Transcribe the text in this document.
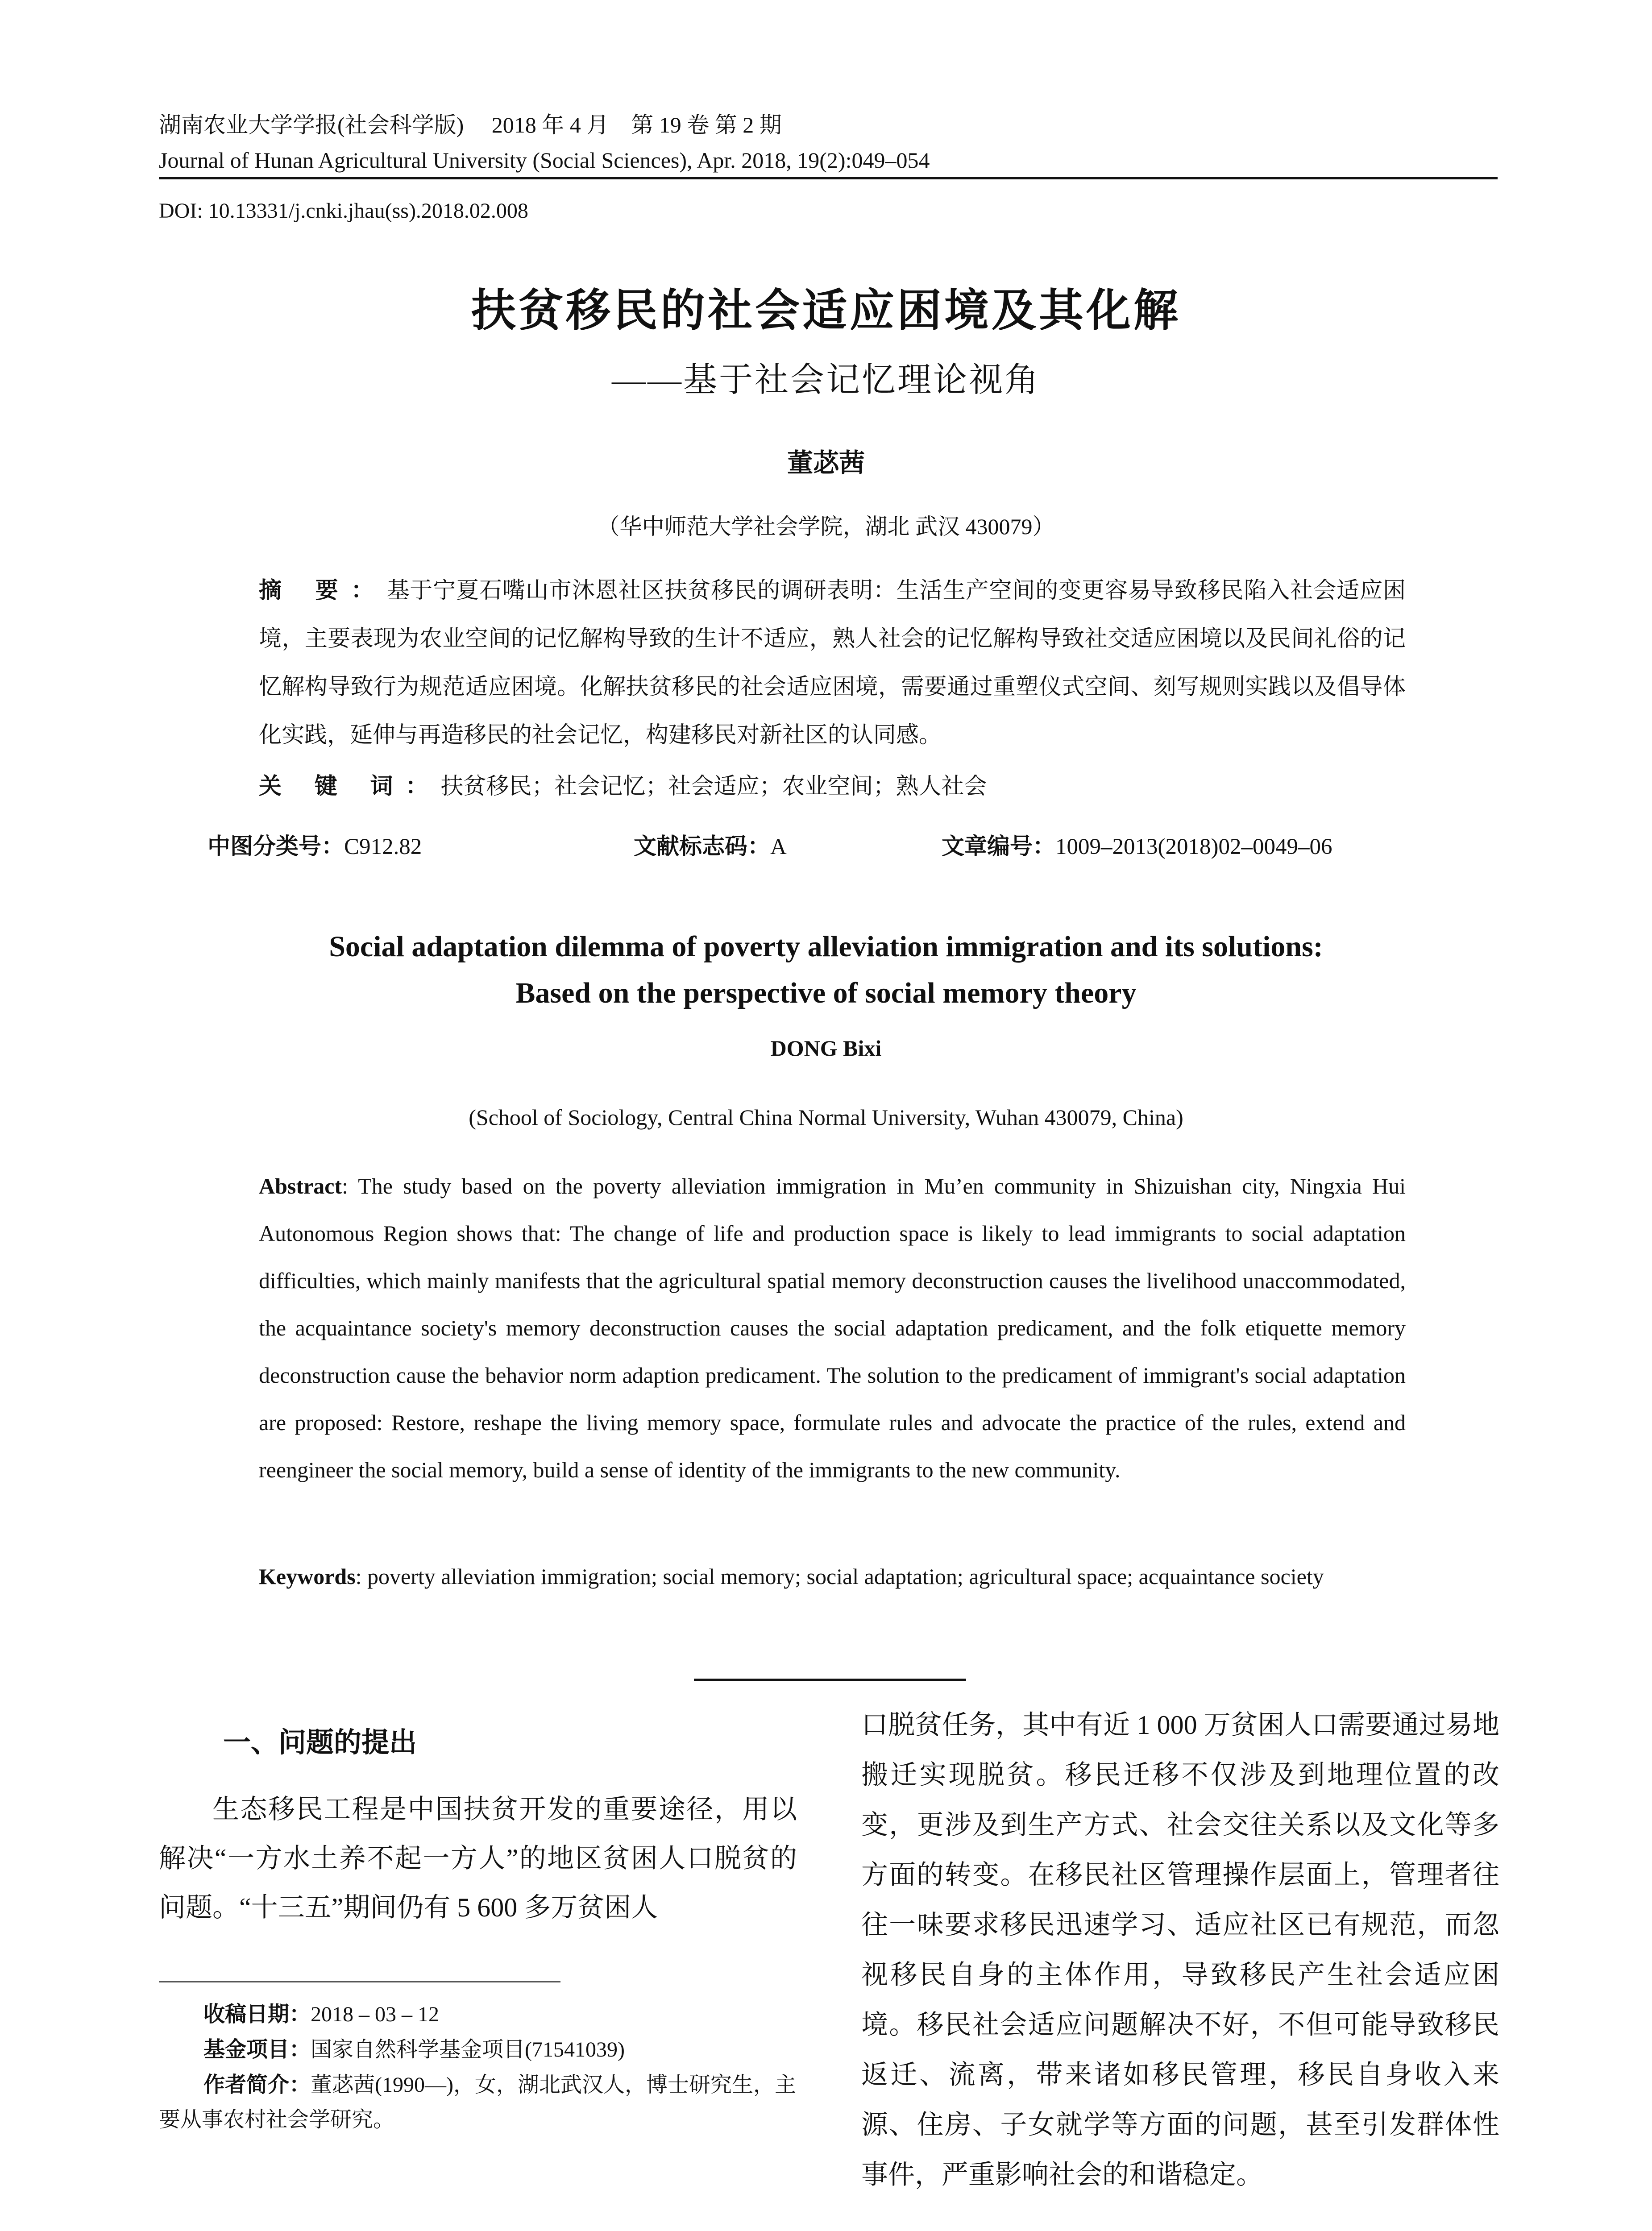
湖南农业大学学报(社会科学版)　 2018 年 4 月　第 19 卷 第 2 期
Journal of Hunan Agricultural University (Social Sciences), Apr. 2018, 19(2):049–054
DOI: 10.13331/j.cnki.jhau(ss).2018.02.008
扶贫移民的社会适应困境及其化解
——基于社会记忆理论视角
董苾茜
（华中师范大学社会学院，湖北 武汉 430079）
摘 要：基于宁夏石嘴山市沐恩社区扶贫移民的调研表明：生活生产空间的变更容易导致移民陷入社会适应困境，主要表现为农业空间的记忆解构导致的生计不适应，熟人社会的记忆解构导致社交适应困境以及民间礼俗的记忆解构导致行为规范适应困境。化解扶贫移民的社会适应困境，需要通过重塑仪式空间、刻写规则实践以及倡导体化实践，延伸与再造移民的社会记忆，构建移民对新社区的认同感。
关 键 词：扶贫移民；社会记忆；社会适应；农业空间；熟人社会
中图分类号：C912.82	文献标志码：A	文章编号：1009–2013(2018)02–0049–06
Social adaptation dilemma of poverty alleviation immigration and its solutions:
Based on the perspective of social memory theory
DONG Bixi
(School of Sociology, Central China Normal University, Wuhan 430079, China)
Abstract: The study based on the poverty alleviation immigration in Mu’en community in Shizuishan city, Ningxia Hui Autonomous Region shows that: The change of life and production space is likely to lead immigrants to social adaptation difficulties, which mainly manifests that the agricultural spatial memory deconstruction causes the livelihood unaccommodated, the acquaintance society's memory deconstruction causes the social adaptation predicament, and the folk etiquette memory deconstruction cause the behavior norm adaption predicament. The solution to the predicament of immigrant's social adaptation are proposed: Restore, reshape the living memory space, formulate rules and advocate the practice of the rules, extend and reengineer the social memory, build a sense of identity of the immigrants to the new community.
Keywords: poverty alleviation immigration; social memory; social adaptation; agricultural space; acquaintance society
一、问题的提出
生态移民工程是中国扶贫开发的重要途径，用以解决“一方水土养不起一方人”的地区贫困人口脱贫的问题。“十三五”期间仍有 5 600 多万贫困人
口脱贫任务，其中有近 1 000 万贫困人口需要通过易地搬迁实现脱贫。移民迁移不仅涉及到地理位置的改变，更涉及到生产方式、社会交往关系以及文化等多方面的转变。在移民社区管理操作层面上，管理者往往一味要求移民迅速学习、适应社区已有规范，而忽视移民自身的主体作用，导致移民产生社会适应困境。移民社会适应问题解决不好，不但可能导致移民返迁、流离，带来诸如移民管理，移民自身收入来源、住房、子女就学等方面的问题，甚至引发群体性事件，严重影响社会的和谐稳定。
收稿日期：2018 – 03 – 12
基金项目：国家自然科学基金项目(71541039)
作者简介：董苾茜(1990—)，女，湖北武汉人，博士研究生，主要从事农村社会学研究。
